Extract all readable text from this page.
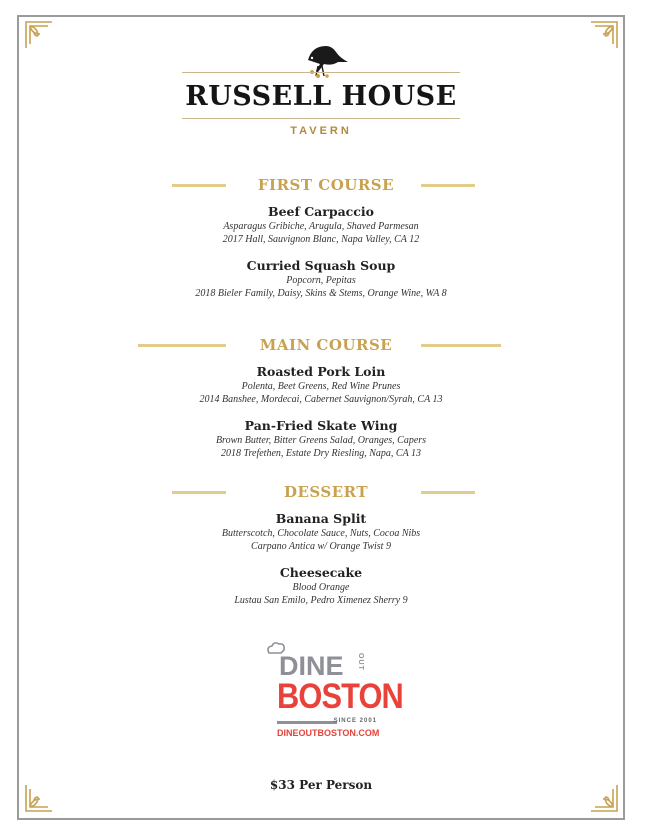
RUSSELL HOUSE
TAVERN
FIRST COURSE
Beef Carpaccio
Asparagus Gribiche, Arugula, Shaved Parmesan
2017 Hall, Sauvignon Blanc, Napa Valley, CA 12
Curried Squash Soup
Popcorn, Pepitas
2018 Bieler Family, Daisy, Skins & Stems, Orange Wine, WA 8
MAIN COURSE
Roasted Pork Loin
Polenta, Beet Greens, Red Wine Prunes
2014 Banshee, Mordecai, Cabernet Sauvignon/Syrah, CA 13
Pan-Fried Skate Wing
Brown Butter, Bitter Greens Salad, Oranges, Capers
2018 Trefethen, Estate Dry Riesling, Napa, CA 13
DESSERT
Banana Split
Butterscotch, Chocolate Sauce, Nuts, Cocoa Nibs
Carpano Antica w/ Orange Twist 9
Cheesecake
Blood Orange
Lustau San Emilo, Pedro Ximenez Sherry 9
DINE OUT
BOSTON
SINCE 2001
DINEOUTBOSTON.COM
$33 Per Person
